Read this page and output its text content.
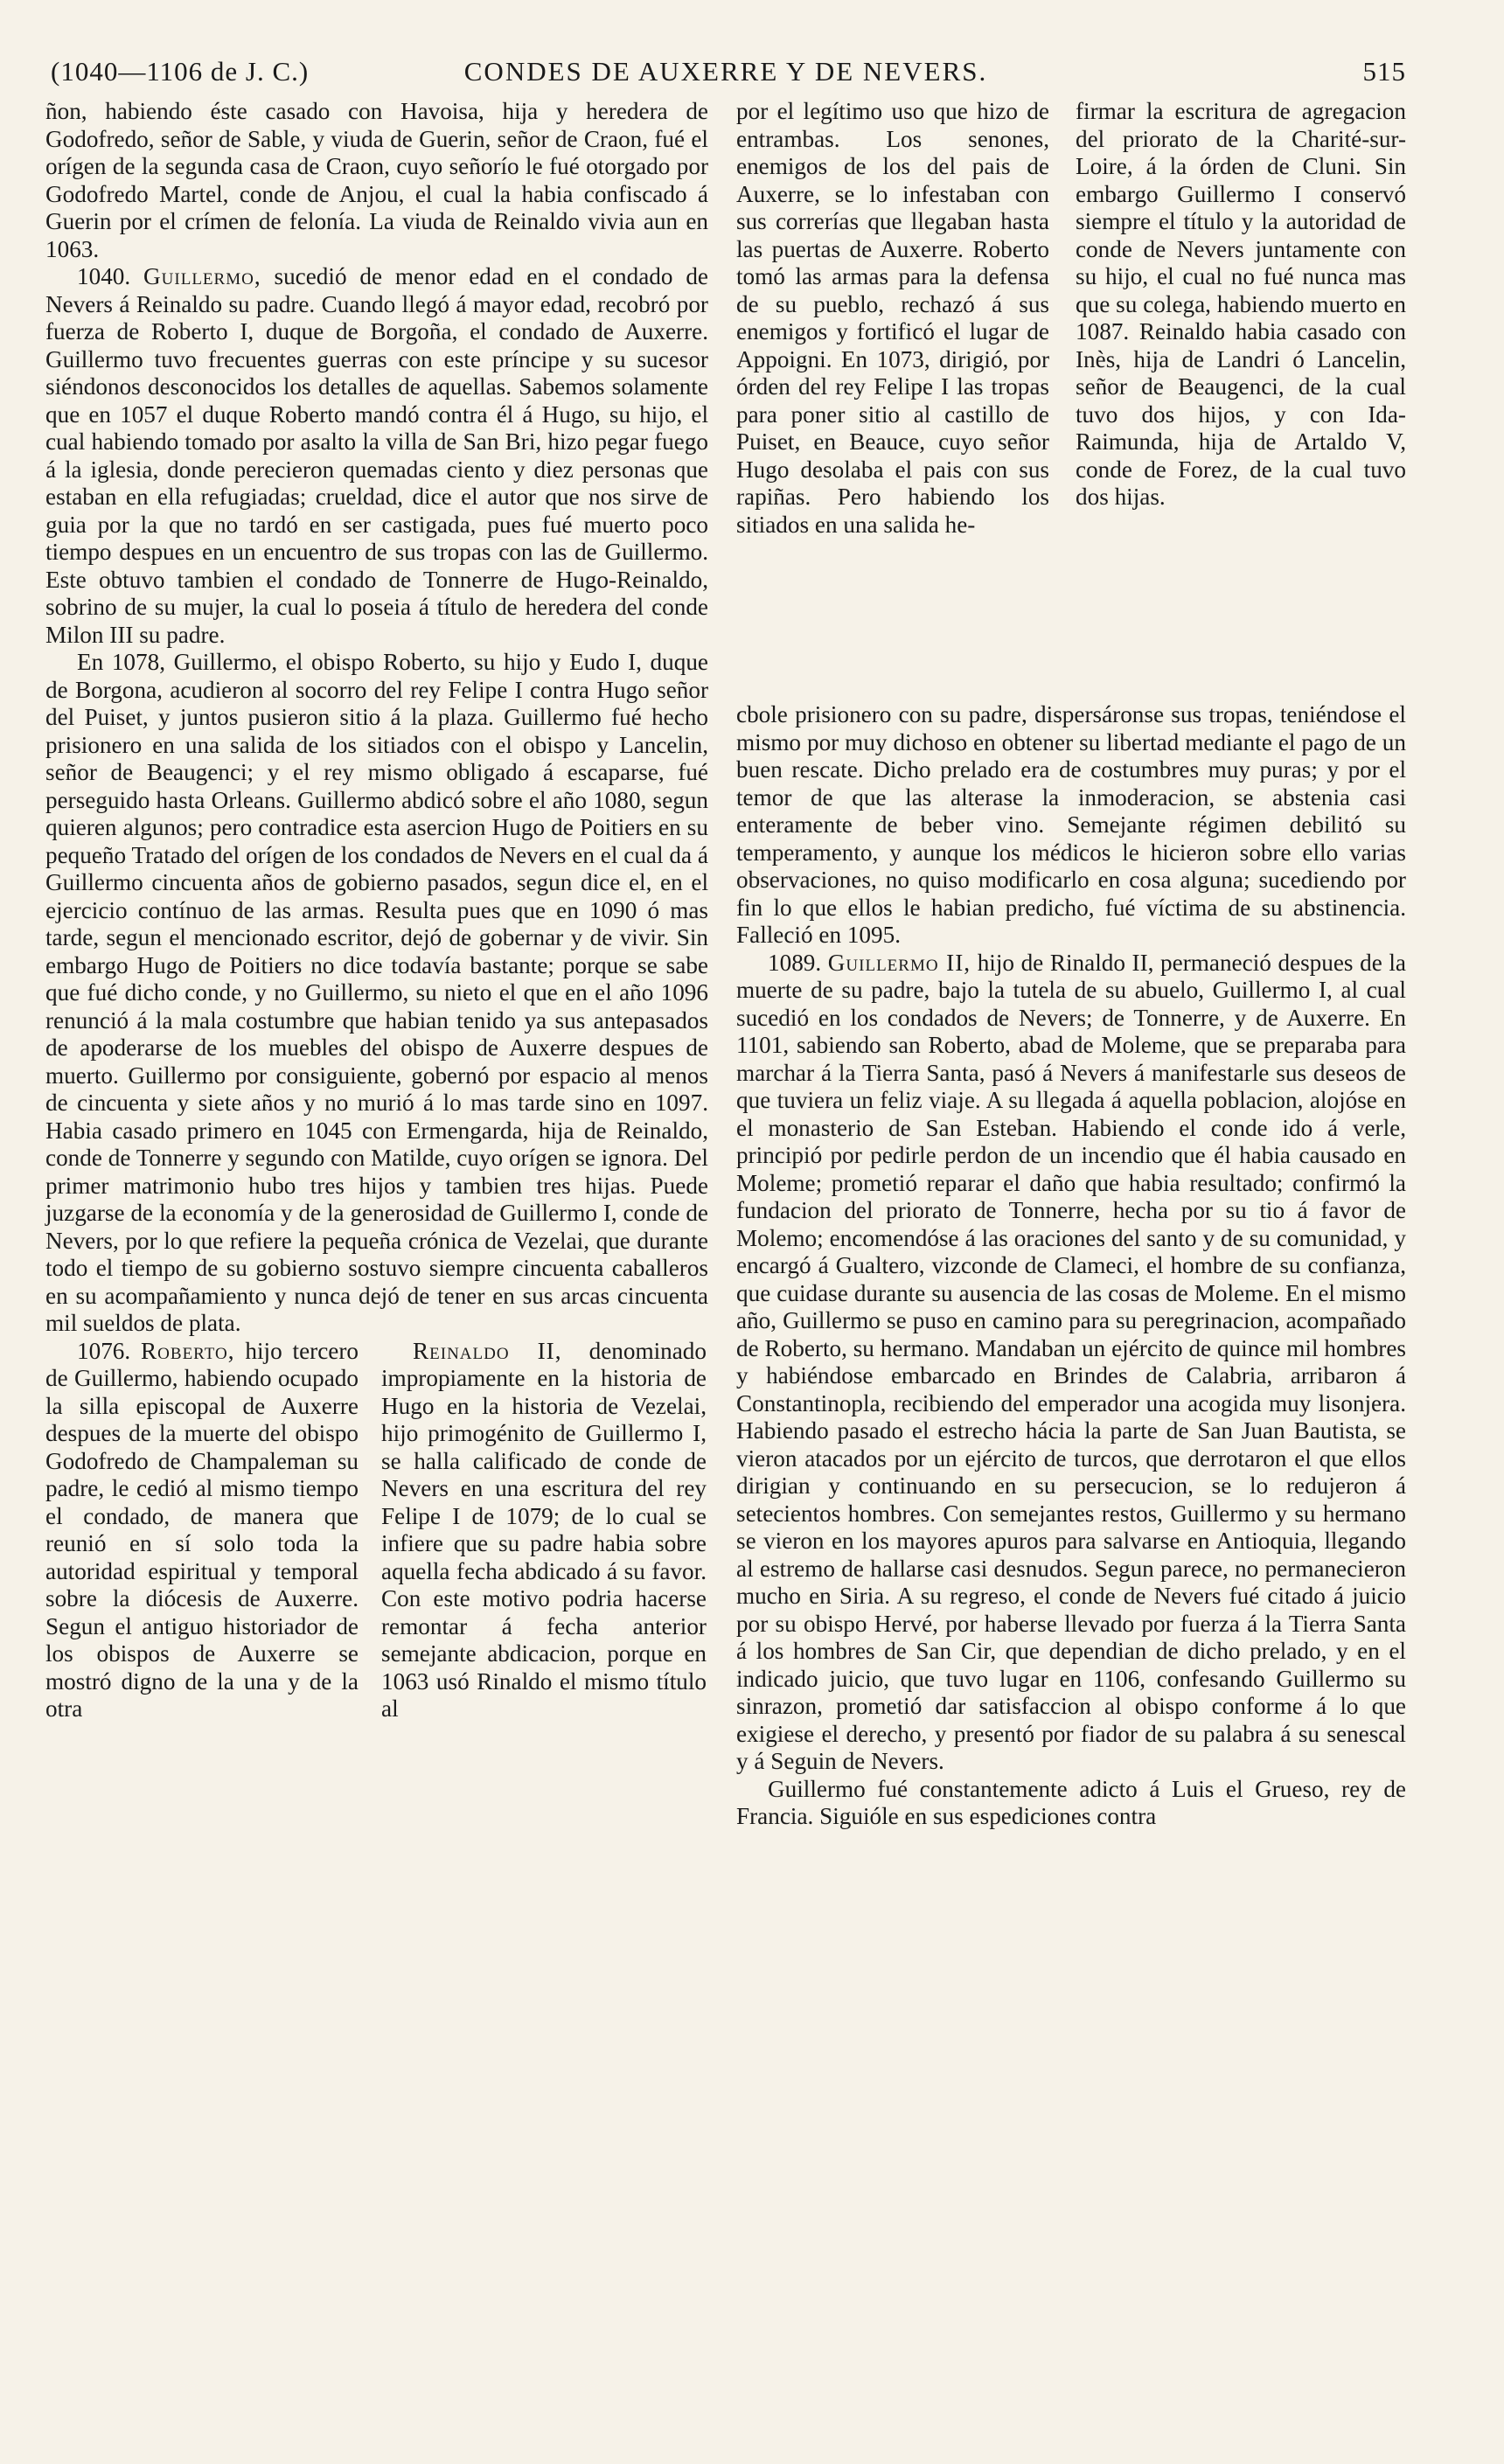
(1040—1106 de J. C.)	CONDES DE AUXERRE Y DE NEVERS.	515

ñon, habiendo éste casado con Havoisa, hija y heredera de Godofredo, señor de Sable, y viuda de Guerin, señor de Craon, fué el orígen de la segunda casa de Craon, cuyo señorío le fué otorgado por Godofredo Martel, conde de Anjou, el cual la habia confiscado á Guerin por el crímen de felonía. La viuda de Reinaldo vivia aun en 1063.

1040. Guillermo, sucedió de menor edad en el condado de Nevers á Reinaldo su padre. Cuando llegó á mayor edad, recobró por fuerza de Roberto I, duque de Borgoña, el condado de Auxerre. Guillermo tuvo frecuentes guerras con este príncipe y su sucesor siéndonos desconocidos los detalles de aquellas. Sabemos solamente que en 1057 el duque Roberto mandó contra él á Hugo, su hijo, el cual habiendo tomado por asalto la villa de San Bri, hizo pegar fuego á la iglesia, donde perecieron quemadas ciento y diez personas que estaban en ella refugiadas; crueldad, dice el autor que nos sirve de guia por la que no tardó en ser castigada, pues fué muerto poco tiempo despues en un encuentro de sus tropas con las de Guillermo. Este obtuvo tambien el condado de Tonnerre de Hugo-Reinaldo, sobrino de su mujer, la cual lo poseia á título de heredera del conde Milon III su padre.

En 1078, Guillermo, el obispo Roberto, su hijo y Eudo I, duque de Borgona, acudieron al socorro del rey Felipe I contra Hugo señor del Puiset, y juntos pusieron sitio á la plaza. Guillermo fué hecho prisionero en una salida de los sitiados con el obispo y Lancelin, señor de Beaugenci; y el rey mismo obligado á escaparse, fué perseguido hasta Orleans. Guillermo abdicó sobre el año 1080, segun quieren algunos; pero contradice esta asercion Hugo de Poitiers en su pequeño Tratado del orígen de los condados de Nevers en el cual da á Guillermo cincuenta años de gobierno pasados, segun dice el, en el ejercicio contínuo de las armas. Resulta pues que en 1090 ó mas tarde, segun el mencionado escritor, dejó de gobernar y de vivir. Sin embargo Hugo de Poitiers no dice todavía bastante; porque se sabe que fué dicho conde, y no Guillermo, su nieto el que en el año 1096 renunció á la mala costumbre que habian tenido ya sus antepasados de apoderarse de los muebles del obispo de Auxerre despues de muerto. Guillermo por consiguiente, gobernó por espacio al menos de cincuenta y siete años y no murió á lo mas tarde sino en 1097. Habia casado primero en 1045 con Ermengarda, hija de Reinaldo, conde de Tonnerre y segundo con Matilde, cuyo orígen se ignora. Del primer matrimonio hubo tres hijos y tambien tres hijas. Puede juzgarse de la economía y de la generosidad de Guillermo I, conde de Nevers, por lo que refiere la pequeña crónica de Vezelai, que durante todo el tiempo de su gobierno sostuvo siempre cincuenta caballeros en su acompañamiento y nunca dejó de tener en sus arcas cincuenta mil sueldos de plata.

1076. Roberto, hijo tercero de Guillermo, habiendo ocupado la silla episcopal de Auxerre despues de la muerte del obispo Godofredo de Champaleman su padre, le cedió al mismo tiempo el condado, de manera que reunió en sí solo toda la autoridad espiritual y temporal sobre la diócesis de Auxerre. Segun el antiguo historiador de los obispos de Auxerre se mostró digno de la una y de la otra

Reinaldo II, denominado impropiamente en la historia de Hugo en la historia de Vezelai, hijo primogénito de Guillermo I, se halla calificado de conde de Nevers en una escritura del rey Felipe I de 1079; de lo cual se infiere que su padre habia sobre aquella fecha abdicado á su favor. Con este motivo podria hacerse remontar á fecha anterior semejante abdicacion, porque en 1063 usó Rinaldo el mismo título al

por el legítimo uso que hizo de entrambas. Los senones, enemigos de los del pais de Auxerre, se lo infestaban con sus correrías que llegaban hasta las puertas de Auxerre. Roberto tomó las armas para la defensa de su pueblo, rechazó á sus enemigos y fortificó el lugar de Appoigni. En 1073, dirigió, por órden del rey Felipe I las tropas para poner sitio al castillo de Puiset, en Beauce, cuyo señor Hugo desolaba el pais con sus rapiñas. Pero habiendo los sitiados en una salida he-

firmar la escritura de agregacion del priorato de la Charité-sur-Loire, á la órden de Cluni. Sin embargo Guillermo I conservó siempre el título y la autoridad de conde de Nevers juntamente con su hijo, el cual no fué nunca mas que su colega, habiendo muerto en 1087. Reinaldo habia casado con Inès, hija de Landri ó Lancelin, señor de Beaugenci, de la cual tuvo dos hijos, y con Ida-Raimunda, hija de Artaldo V, conde de Forez, de la cual tuvo dos hijas.

cbole prisionero con su padre, dispersáronse sus tropas, teniéndose el mismo por muy dichoso en obtener su libertad mediante el pago de un buen rescate. Dicho prelado era de costumbres muy puras; y por el temor de que las alterase la inmoderacion, se abstenia casi enteramente de beber vino. Semejante régimen debilitó su temperamento, y aunque los médicos le hicieron sobre ello varias observaciones, no quiso modificarlo en cosa alguna; sucediendo por fin lo que ellos le habian predicho, fué víctima de su abstinencia. Falleció en 1095.

1089. Guillermo II, hijo de Rinaldo II, permaneció despues de la muerte de su padre, bajo la tutela de su abuelo, Guillermo I, al cual sucedió en los condados de Nevers; de Tonnerre, y de Auxerre. En 1101, sabiendo san Roberto, abad de Moleme, que se preparaba para marchar á la Tierra Santa, pasó á Nevers á manifestarle sus deseos de que tuviera un feliz viaje. A su llegada á aquella poblacion, alojóse en el monasterio de San Esteban. Habiendo el conde ido á verle, principió por pedirle perdon de un incendio que él habia causado en Moleme; prometió reparar el daño que habia resultado; confirmó la fundacion del priorato de Tonnerre, hecha por su tio á favor de Molemo; encomendóse á las oraciones del santo y de su comunidad, y encargó á Gualtero, vizconde de Clameci, el hombre de su confianza, que cuidase durante su ausencia de las cosas de Moleme. En el mismo año, Guillermo se puso en camino para su peregrinacion, acompañado de Roberto, su hermano. Mandaban un ejército de quince mil hombres y habiéndose embarcado en Brindes de Calabria, arribaron á Constantinopla, recibiendo del emperador una acogida muy lisonjera. Habiendo pasado el estrecho hácia la parte de San Juan Bautista, se vieron atacados por un ejército de turcos, que derrotaron el que ellos dirigian y continuando en su persecucion, se lo redujeron á setecientos hombres. Con semejantes restos, Guillermo y su hermano se vieron en los mayores apuros para salvarse en Antioquia, llegando al estremo de hallarse casi desnudos. Segun parece, no permanecieron mucho en Siria. A su regreso, el conde de Nevers fué citado á juicio por su obispo Hervé, por haberse llevado por fuerza á la Tierra Santa á los hombres de San Cir, que dependian de dicho prelado, y en el indicado juicio, que tuvo lugar en 1106, confesando Guillermo su sinrazon, prometió dar satisfaccion al obispo conforme á lo que exigiese el derecho, y presentó por fiador de su palabra á su senescal y á Seguin de Nevers.

Guillermo fué constantemente adicto á Luis el Grueso, rey de Francia. Siguióle en sus espediciones contra
